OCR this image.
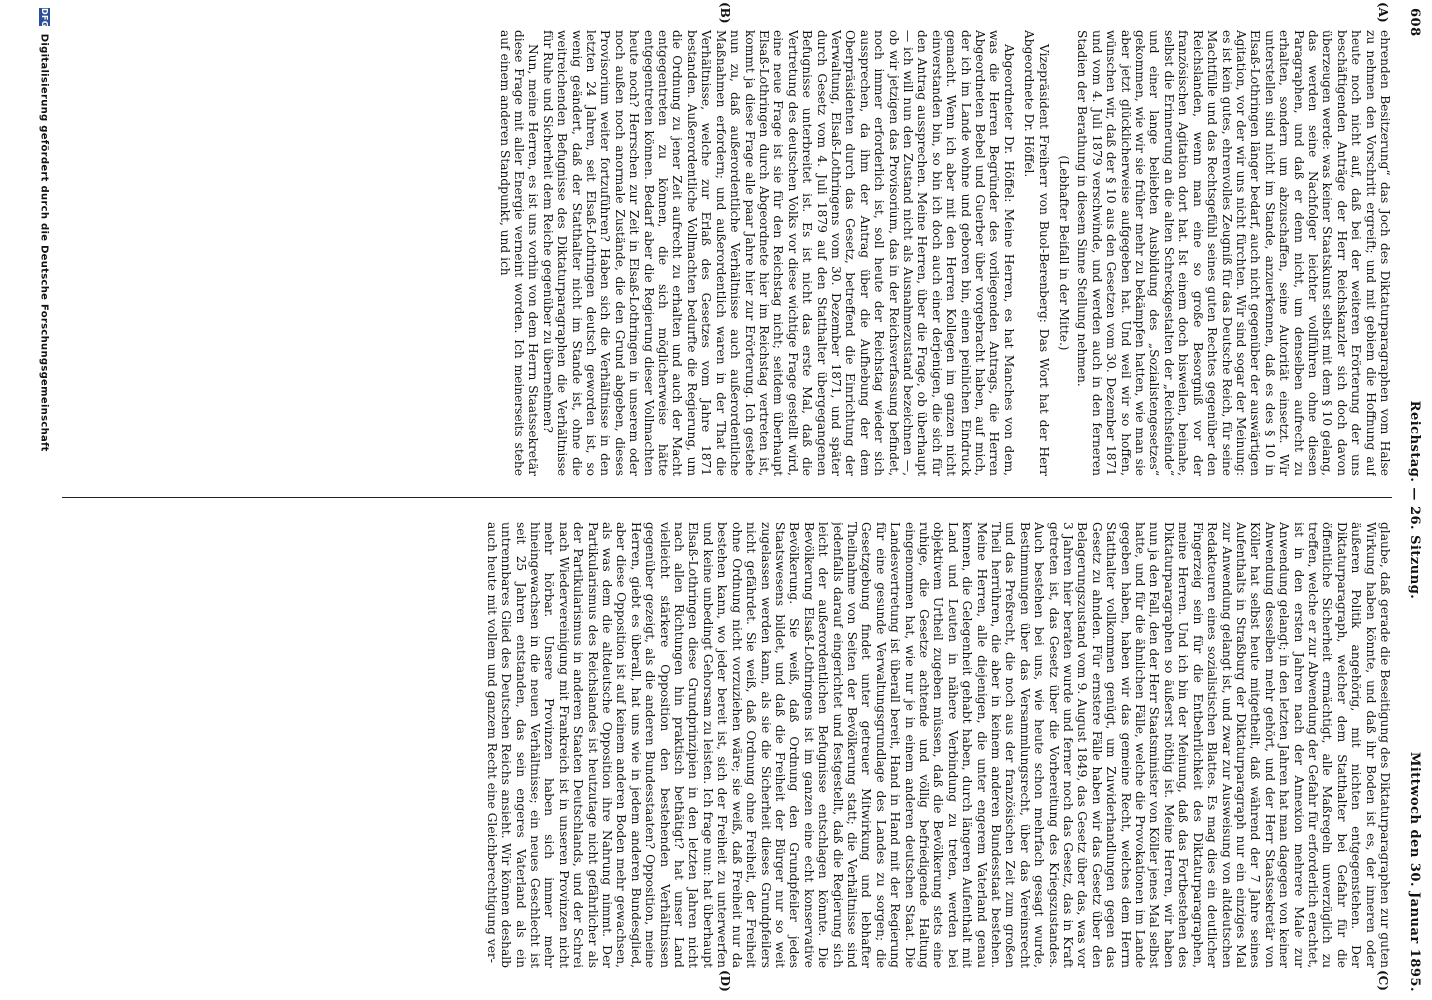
608
Reichstag. — 26. Sitzung.
Mittwoch den 30. Januar 1895.
(A)
(B)
(C)
(D)

ehrenden Besitzerung“ das Joch des Diktaturparagraphen vom Halse zu nehmen den Vorschritt ergreift; und mit gebiem die Hoffnung auf heute noch nicht auf, daß bei der weiteren Erörterung der uns beschäftigenden Anträge der Herr Reichskanzler sich doch davon überzeugen werde: was keiner Staatskunst selbst mit dem § 10 gelang, das werden seine Nachfolger leichter vollführen ohne diesen Paragraphen, und daß er denn nicht, um denselben aufrecht zu erhalten, sondern um abzuschaffen, seine Autorität einsetzt. Wir unterstellen sind nicht im Stande, anzuerkennen, daß es des § 10 in Elsaß-Lothringen länger bedarf, auch nicht gegenüber der auswärtigen Agitation, vor der wir uns nicht fürchten. Wir sind sogar der Meinung: es ist kein gutes, ehrenvolles Zeugniß für das Deutsche Reich, für seine Machtfülle und das Rechtsgefühl seines guten Rechtes gegenüber den Reichslanden, wenn man eine so große Besorgniß vor der französischen Agitation dort hat. Ist einem doch bisweilen, beinahe, selbst die Erinnerung an die alten Schreckgestalten der „Reichsfeinde“ und einer lange beliebten Ausbildung des „Sozialistengesetzes“ gekommen, wie wir sie früher mehr zu bekämpfen hatten, wie man sie aber jetzt glücklicherweise aufgegeben hat. Und weil wir so hoffen, wünschen wir, daß der § 10 aus den Gesetzen vom 30. Dezember 1871 und vom 4. Juli 1879 verschwinde, und werden auch in den ferneren Stadien der Berathung in diesem Sinne Stellung nehmen.

(Lebhafter Beifall in der Mitte.)

Vizepräsident Freiherr von Buol-Berenberg: Das Wort hat der Herr Abgeordnete Dr. Höffel.

Abgeordneter Dr. Höffel: Meine Herren, es hat Manches von dem, was die Herren Begründer des vorliegenden Antrags, die Herren Abgeordneten Bebel und Guerber über vorgebracht haben, auf mich, der ich im Lande wohne und geboren bin, einen peinlichen Eindruck gemacht. Wenn ich aber mit den Herren Kollegen im ganzen nicht einverstanden bin, so bin ich doch auch einer derjenigen, die sich für den Antrag aussprechen. Meine Herren, über die Frage, ob überhaupt — ich will nun den Zustand nicht als Ausnahmezustand bezeichnen —, ob wir jetzigen das Provisorium, das in der Reichsverfassung befindet, noch immer erforderlich ist, soll heute der Reichstag wieder sich aussprechen, da ihm der Antrag über die Aufhebung der dem Oberpräsidenten durch das Gesetz, betreffend die Einrichtung der Verwaltung, Elsaß-Lothringens vom 30. Dezember 1871, und später durch Gesetz vom 4. Juli 1879 auf den Statthalter übergegangenen Befugnisse unterbreitet ist. Es ist nicht das erste Mal, daß die Vertretung des deutschen Volks vor diese wichtige Frage gestellt wird, eine neue Frage ist sie für den Reichstag nicht; seitdem überhaupt Elsaß-Lothringen durch Abgeordnete hier im Reichstag vertreten ist, kommt ja diese Frage alle paar Jahre hier zur Erörterung. Ich gestehe nun zu, daß außerordentliche Verhältnisse auch außerordentliche Maßnahmen erfordern; und außerordentlich waren in der That die Verhältnisse, welche zur Erlaß des Gesetzes vom Jahre 1871 bestanden. Außerordentliche Vollmachten bedurfte die Regierung, um die Ordnung zu jener Zeit aufrecht zu erhalten und auch der Macht entgegentreten zu können, die sich möglicherweise hätte entgegentreten können. Bedarf aber die Regierung dieser Vollmachten heute noch? Herrschen zur Zeit in Elsaß-Lothringen in unserem oder noch außen noch anormale Zustände, die den Grund abgeben, dieses Provisorium weiter fortzuführen? Haben sich die Verhältnisse in den letzten 24 Jahren, seit Elsaß-Lothringen deutsch geworden ist, so wenig geändert, daß der Statthalter nicht im Stande ist, ohne die weitreichenden Befugnisse des Diktaturparagraphen die Verhältnisse für Ruhe und Sicherheit dem Reiche gegenüber zu übernehmen?

Nun, meine Herren, es ist uns vorhin von dem Herrn Staatssekretär diese Frage mit aller Energie verneint worden. Ich meinerseits stehe auf einem anderen Standpunkt, und ich

glaube, daß gerade die Beseitigung des Diktaturparagraphen zur guten Wirkung haben könnte, und daß ihr Boden ist es, der inneren oder äußeren Politik angehörig, mit nichten entgegenstehen. Der Diktaturparagraph, welcher dem Statthalter bei Gefahr für die öffentliche Sicherheit ermächtigt, alle Maßregeln unverzüglich zu treffen, welche er zur Abwendung der Gefahr für erforderlich erachtet, ist in den ersten Jahren nach der Annexion mehrere Male zur Anwendung gelangt; in den letzten Jahren hat man dagegen von keiner Anwendung desselben mehr gehört, und der Herr Staatssekretär von Köller hat selbst heute mitgetheilt, daß während der 7 Jahre seines Aufenthalts in Straßburg der Diktaturparagraph nur ein einziges Mal zur Anwendung gelangt ist, und zwar zur Ausweisung von altdeutschen Redakteuren eines sozialistischen Blattes. Es mag dies ein deutlicher Fingerzeig sein für die Entbehrlichkeit des Diktaturparagraphen, meine Herren. Und ich bin der Meinung, daß das Fortbestehen des Diktaturparagraphen so äußerst nöthig ist. Meine Herren, wir haben nun ja den Fall, den der Herr Staatsminister von Köller jenes Mal selbst hatte, und für die ähnlichen Fälle, welche die Provokationen im Lande gegeben haben, haben wir das gemeine Recht, welches dem Herrn Statthalter vollkommen genügt, um Zuwiderhandlungen gegen das Gesetz zu ahnden. Für ernstere Fälle haben wir das Gesetz über den Belagerungszustand vom 9. August 1849, das Gesetz über das, was vor 3 Jahren hier beraten wurde und ferner noch das Gesetz, das in Kraft getreten ist, das Gesetz über die Vorbereitung des Kriegszustandes. Auch bestehen bei uns, wie heute schon mehrfach gesagt wurde, Bestimmungen über das Versammlungsrecht, über das Vereinsrecht und das Preßrecht, die noch aus der französischen Zeit zum großen Theil herrühren, die aber in keinem anderen Bundesstaat bestehen. Meine Herren, alle diejenigen, die unter engerem Vaterland genau kennen, die Gelegenheit gehabt haben, durch längeren Aufenthalt mit Land und Leuten in nähere Verbindung zu treten, werden bei objektivem Urtheil zugeben müssen, daß die Bevölkerung stets eine ruhige, die Gesetze achtende und völlig befriedigende Haltung eingenommen hat, wie nur je in einem anderen deutschen Staat. Die Landesvertretung ist überall bereit, Hand in Hand mit der Regierung für eine gesunde Verwaltungsgrundlage des Landes zu sorgen; die Gesetzgebung findet unter getreuer Mitwirkung und lebhafter Theilnahme von Seiten der Bevölkerung statt; die Verhältnisse sind jedenfalls darauf eingerichtet und festgestellt, daß die Regierung sich leicht der außerordentlichen Befugnisse entschlagen könnte. Die Bevölkerung Elsaß-Lothringens ist im ganzen eine echt konservative Bevölkerung. Sie weiß, daß Ordnung den Grundpfeiler jedes Staatswesens bildet, und daß die Freiheit der Bürger nur so weit zugelassen werden kann, als sie die Sicherheit dieses Grundpfeilers nicht gefährdet. Sie weiß, daß Ordnung ohne Freiheit, der Freiheit ohne Ordnung nicht vorzuziehen wäre; sie weiß, daß Freiheit nur da bestehen kann, wo jeder bereit ist, sich der Freiheit zu unterwerfen und keine unbedingt Gehorsam zu leisten. Ich frage nun: hat überhaupt Elsaß-Lothringen diese Grundprinzipien in den letzten Jahren nicht nach allen Richtungen hin praktisch bethätigt? hat unser Land vielleicht stärkere Opposition den bestehenden Verhältnissen gegenüber gezeigt, als die anderen Bundesstaaten? Opposition, meine Herren, giebt es überall, hat uns wie in jedem anderen Bundesglied, aber diese Opposition ist auf keinem anderen Boden mehr gewachsen, als was dem die altdeutsche Opposition ihre Nahrung nimmt. Der Partikularismus des Reichslandes ist heutzutage nicht gefährlicher als der Partikularismus in anderen Staaten Deutschlands, und der Schrei nach Wiedervereinigung mit Frankreich ist in unseren Provinzen nicht mehr hörbar. Unsere Provinzen haben sich immer mehr hineingewachsen in die neuen Verhältnisse; ein neues Geschlecht ist seit 25 Jahren entstanden, das sein engeres Vaterland als ein untrennbares Glied des Deutschen Reichs ansieht. Wir können deshalb auch heute mit vollem und ganzem Recht eine Gleichberechtigung ver-

DFG Digitalisierung gefördert durch die Deutsche Forschungsgemeinschaft
